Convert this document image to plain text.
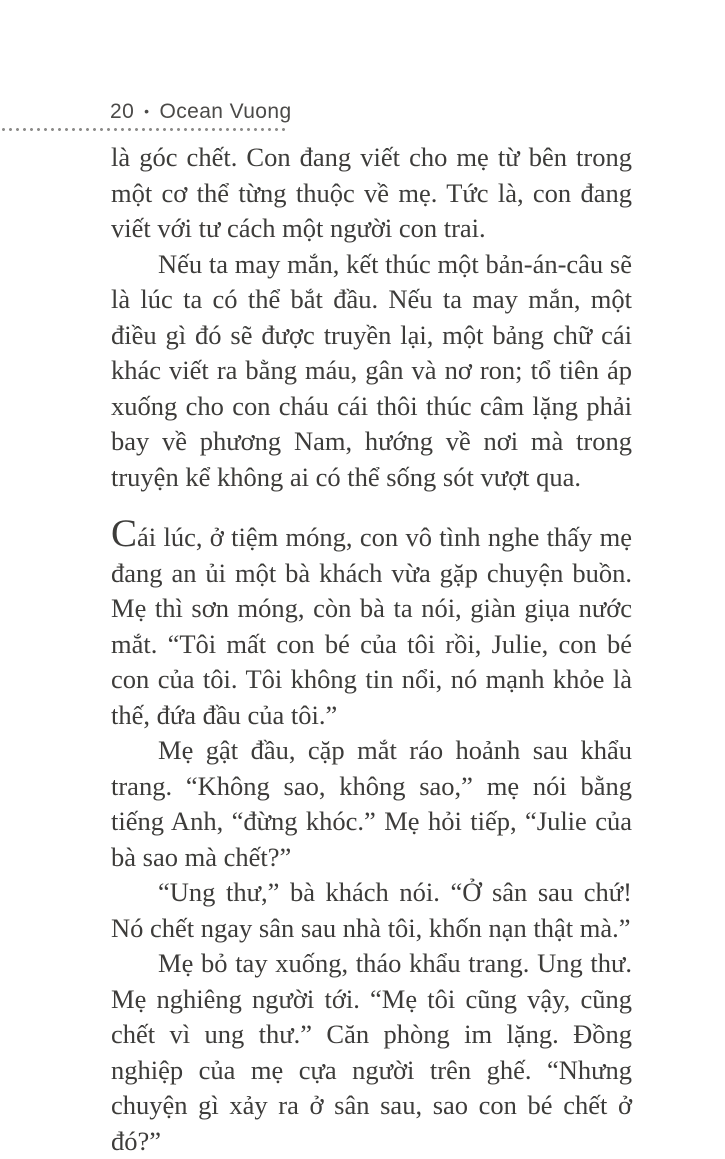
20 • Ocean Vuong

là góc chết. Con đang viết cho mẹ từ bên trong một cơ thể từng thuộc về mẹ. Tức là, con đang viết với tư cách một người con trai.

Nếu ta may mắn, kết thúc một bản-án-câu sẽ là lúc ta có thể bắt đầu. Nếu ta may mắn, một điều gì đó sẽ được truyền lại, một bảng chữ cái khác viết ra bằng máu, gân và nơ ron; tổ tiên áp xuống cho con cháu cái thôi thúc câm lặng phải bay về phương Nam, hướng về nơi mà trong truyện kể không ai có thể sống sót vượt qua.

Cái lúc, ở tiệm móng, con vô tình nghe thấy mẹ đang an ủi một bà khách vừa gặp chuyện buồn. Mẹ thì sơn móng, còn bà ta nói, giàn giụa nước mắt. “Tôi mất con bé của tôi rồi, Julie, con bé con của tôi. Tôi không tin nổi, nó mạnh khỏe là thế, đứa đầu của tôi.”

Mẹ gật đầu, cặp mắt ráo hoảnh sau khẩu trang. “Không sao, không sao,” mẹ nói bằng tiếng Anh, “đừng khóc.” Mẹ hỏi tiếp, “Julie của bà sao mà chết?”

“Ung thư,” bà khách nói. “Ở sân sau chứ! Nó chết ngay sân sau nhà tôi, khốn nạn thật mà.”

Mẹ bỏ tay xuống, tháo khẩu trang. Ung thư. Mẹ nghiêng người tới. “Mẹ tôi cũng vậy, cũng chết vì ung thư.” Căn phòng im lặng. Đồng nghiệp của mẹ cựa người trên ghế. “Nhưng chuyện gì xảy ra ở sân sau, sao con bé chết ở đó?”
